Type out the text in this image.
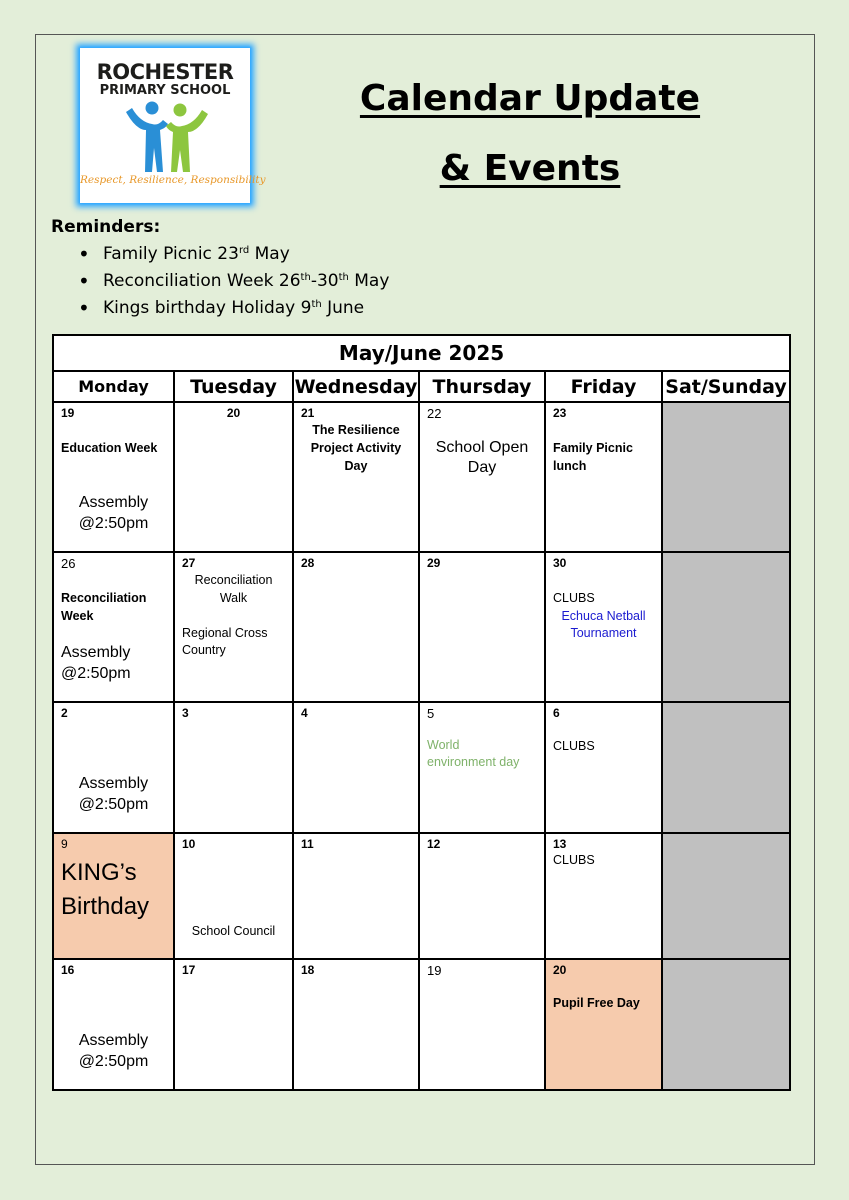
ROCHESTER
PRIMARY SCHOOL
Respect, Resilience, Responsibility
Calendar Update
& Events
Reminders:
• Family Picnic 23rd May
• Reconciliation Week 26th-30th May
• Kings birthday Holiday 9th June
May/June 2025					
Monday	Tuesday	Wednesday	Thursday	Friday	Sat/Sunday

19
Education Week
Assembly
@2:50pm	20	21
The Resilience
Project Activity
Day	22
School Open
Day	23
Family Picnic
lunch	

26
Reconciliation
Week
Assembly
@2:50pm	27
Reconciliation
Walk
Regional Cross
Country	28	29	30
CLUBS
Echuca Netball
Tournament	

2
Assembly
@2:50pm	3	4	5
World
environment day	6
CLUBS	

9
KING’s
Birthday	10
School Council	11	12	13
CLUBS	

16
Assembly
@2:50pm	17	18	19	20
Pupil Free Day	
